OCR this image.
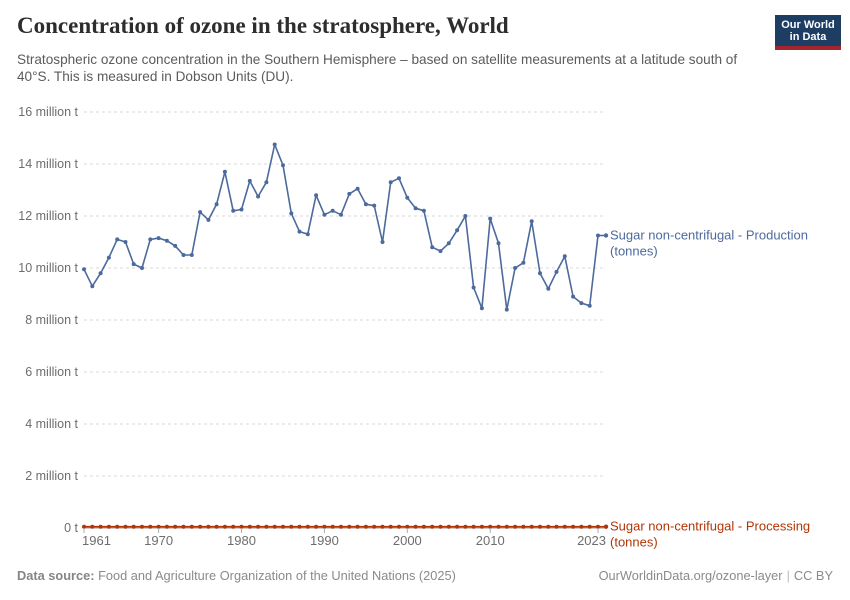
Concentration of ozone in the stratosphere, World	Our World
in Data

Stratospheric ozone concentration in the Southern Hemisphere – based on satellite measurements at a latitude south of 40°S. This is measured in Dobson Units (DU).

0 t
2 million t
4 million t
6 million t
8 million t
10 million t
12 million t
14 million t
16 million t
Sugar non-centrifugal - Production
(tonnes)
Sugar non-centrifugal - Processing
(tonnes)
1961	1970	1980	1990	2000	2010	2023
Data source: Food and Agriculture Organization of the United Nations (2025)	OurWorldinData.org/ozone-layer | CC BY
